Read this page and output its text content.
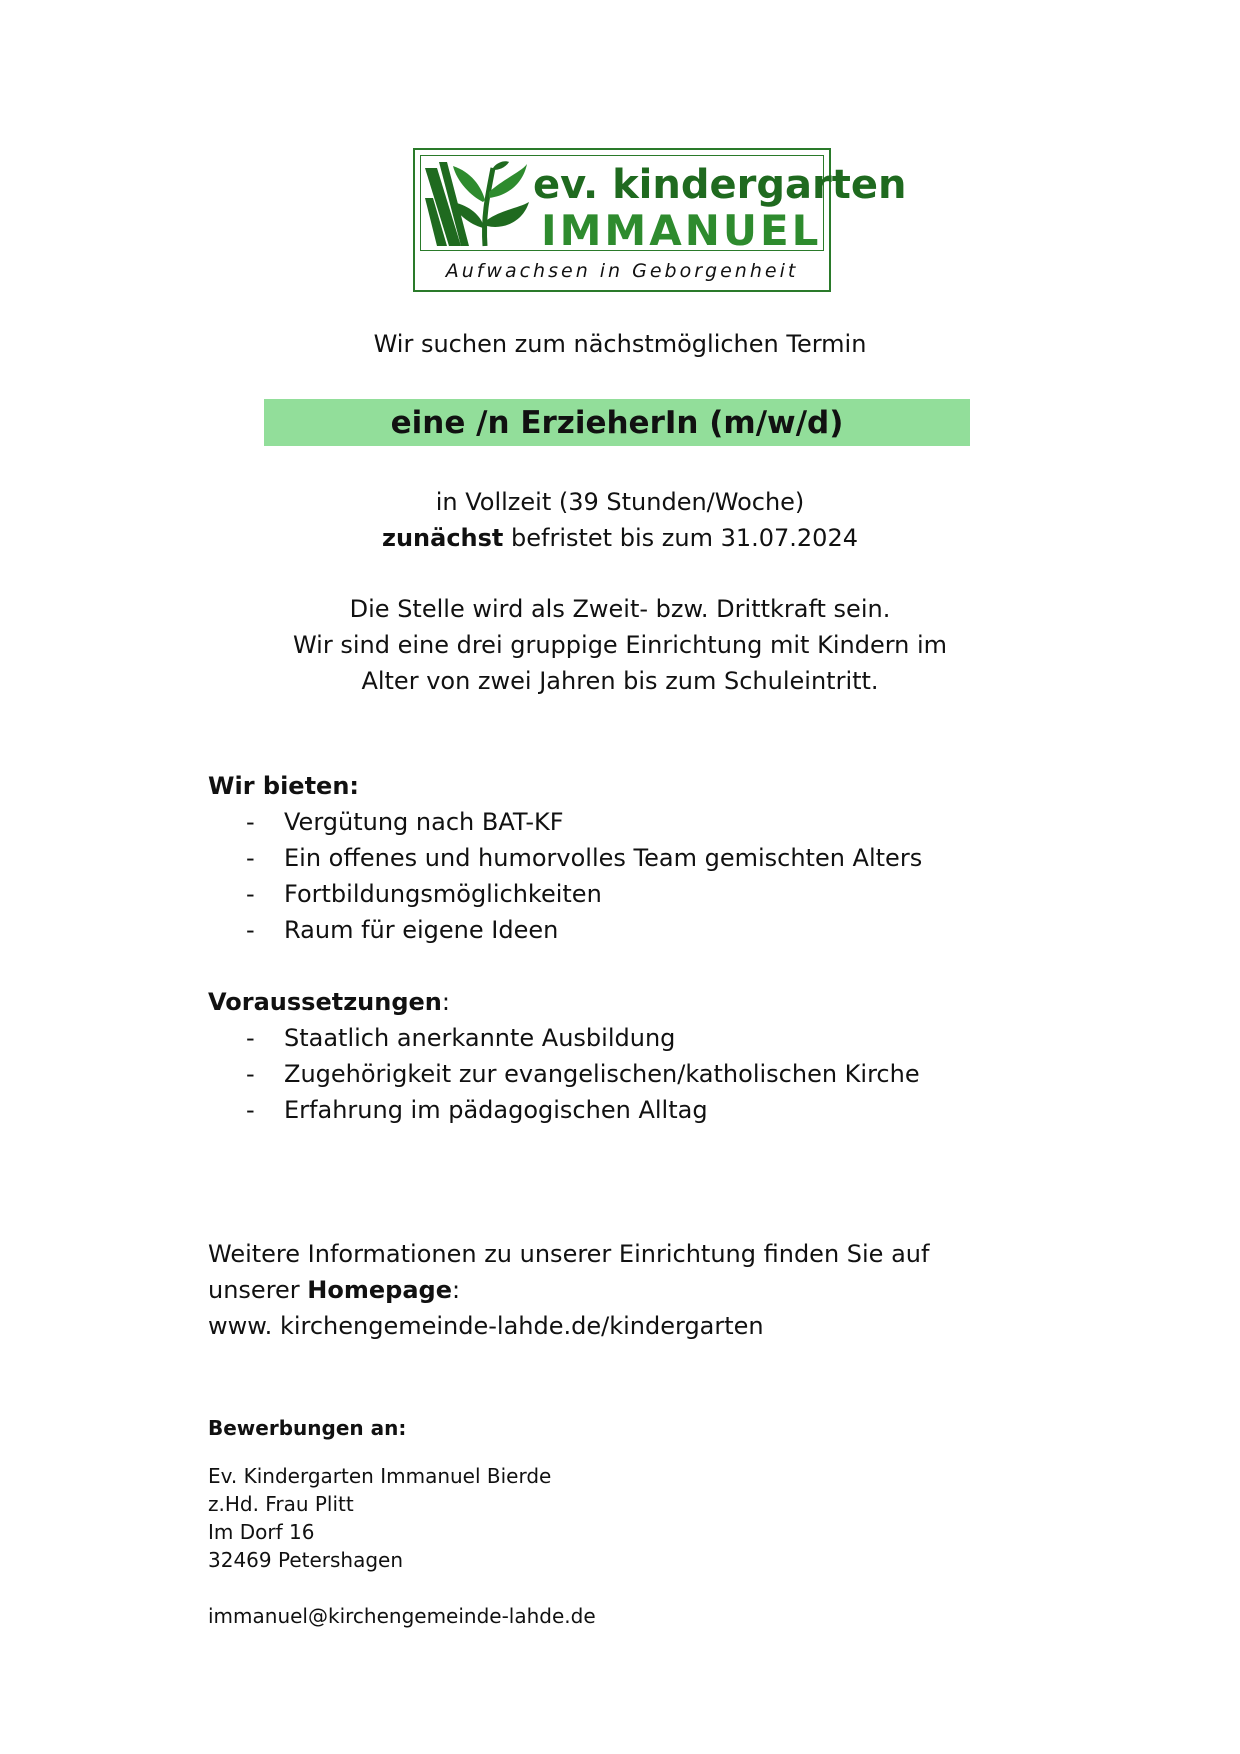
ev. kindergarten
IMMANUEL
Aufwachsen in Geborgenheit
Wir suchen zum nächstmöglichen Termin
eine /n ErzieherIn (m/w/d)
in Vollzeit (39 Stunden/Woche)
zunächst befristet bis zum 31.07.2024
Die Stelle wird als Zweit- bzw. Drittkraft sein.
Wir sind eine drei gruppige Einrichtung mit Kindern im
Alter von zwei Jahren bis zum Schuleintritt.
Wir bieten:
- Vergütung nach BAT-KF
- Ein offenes und humorvolles Team gemischten Alters
- Fortbildungsmöglichkeiten
- Raum für eigene Ideen
Voraussetzungen:
- Staatlich anerkannte Ausbildung
- Zugehörigkeit zur evangelischen/katholischen Kirche
- Erfahrung im pädagogischen Alltag
Weitere Informationen zu unserer Einrichtung finden Sie auf
unserer Homepage:
www. kirchengemeinde-lahde.de/kindergarten
Bewerbungen an:
Ev. Kindergarten Immanuel Bierde
z.Hd. Frau Plitt
Im Dorf 16
32469 Petershagen
immanuel@kirchengemeinde-lahde.de
